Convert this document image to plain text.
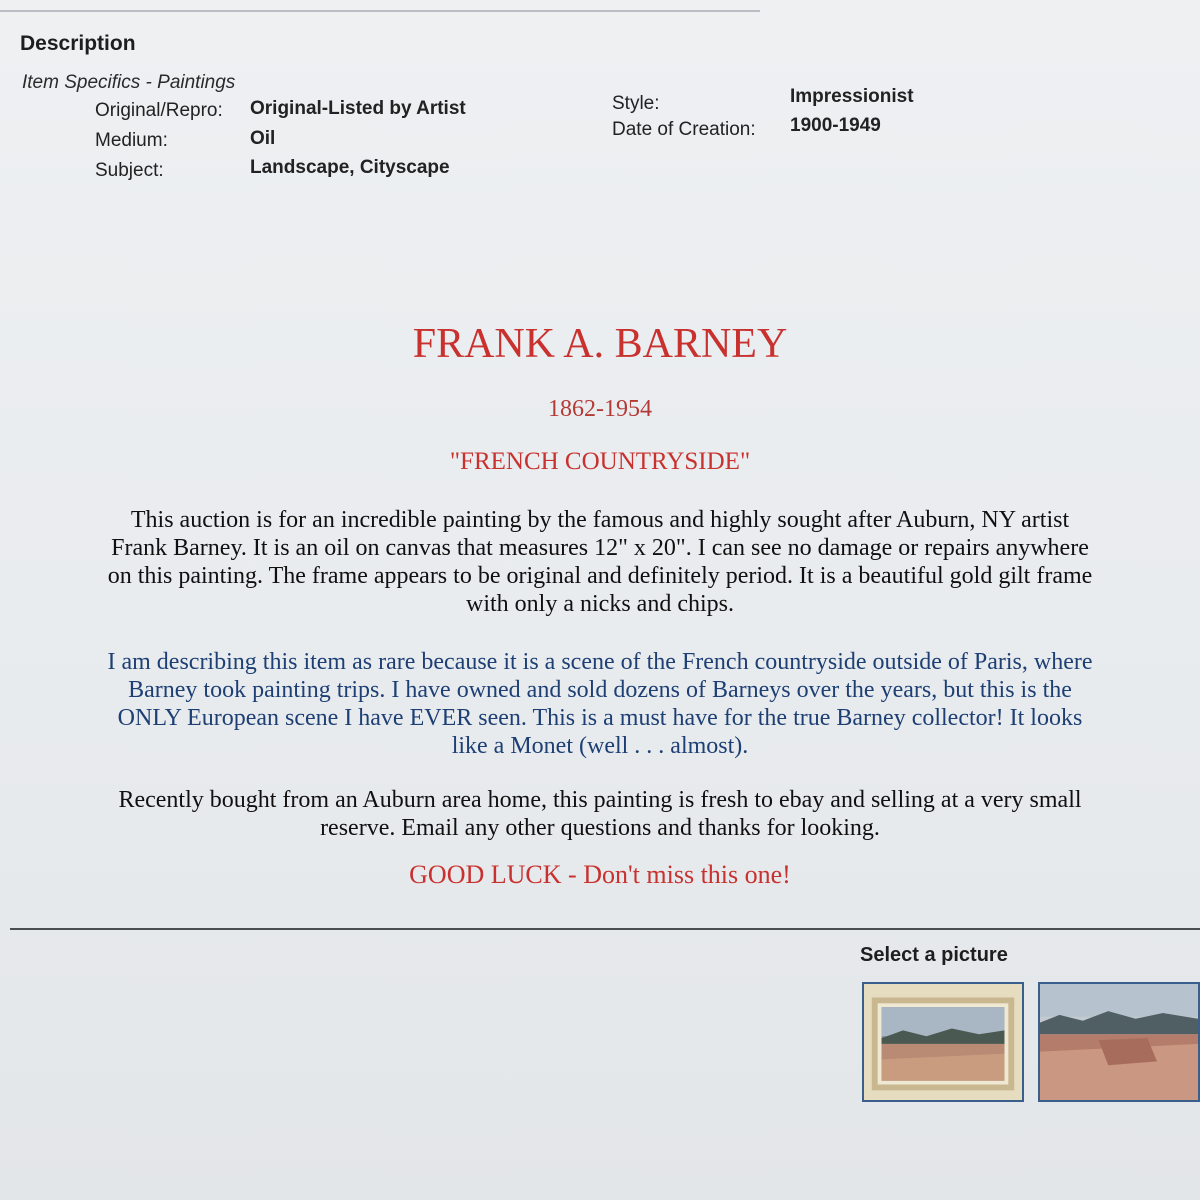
Description
Item Specifics - Paintings
Original/Repro: Original-Listed by Artist
Medium:	Oil
Subject:	Landscape, Cityscape
Style:	Impressionist
Date of Creation: 1900-1949
FRANK A. BARNEY
1862-1954
"FRENCH COUNTRYSIDE"
This auction is for an incredible painting by the famous and highly sought after Auburn, NY artist
Frank Barney. It is an oil on canvas that measures 12" x 20". I can see no damage or repairs anywhere
on this painting. The frame appears to be original and definitely period. It is a beautiful gold gilt frame
with only a nicks and chips.
I am describing this item as rare because it is a scene of the French countryside outside of Paris, where
Barney took painting trips. I have owned and sold dozens of Barneys over the years, but this is the
ONLY European scene I have EVER seen. This is a must have for the true Barney collector! It looks
like a Monet (well . . . almost).
Recently bought from an Auburn area home, this painting is fresh to ebay and selling at a very small
reserve. Email any other questions and thanks for looking.
GOOD LUCK - Don't miss this one!
Select a picture
